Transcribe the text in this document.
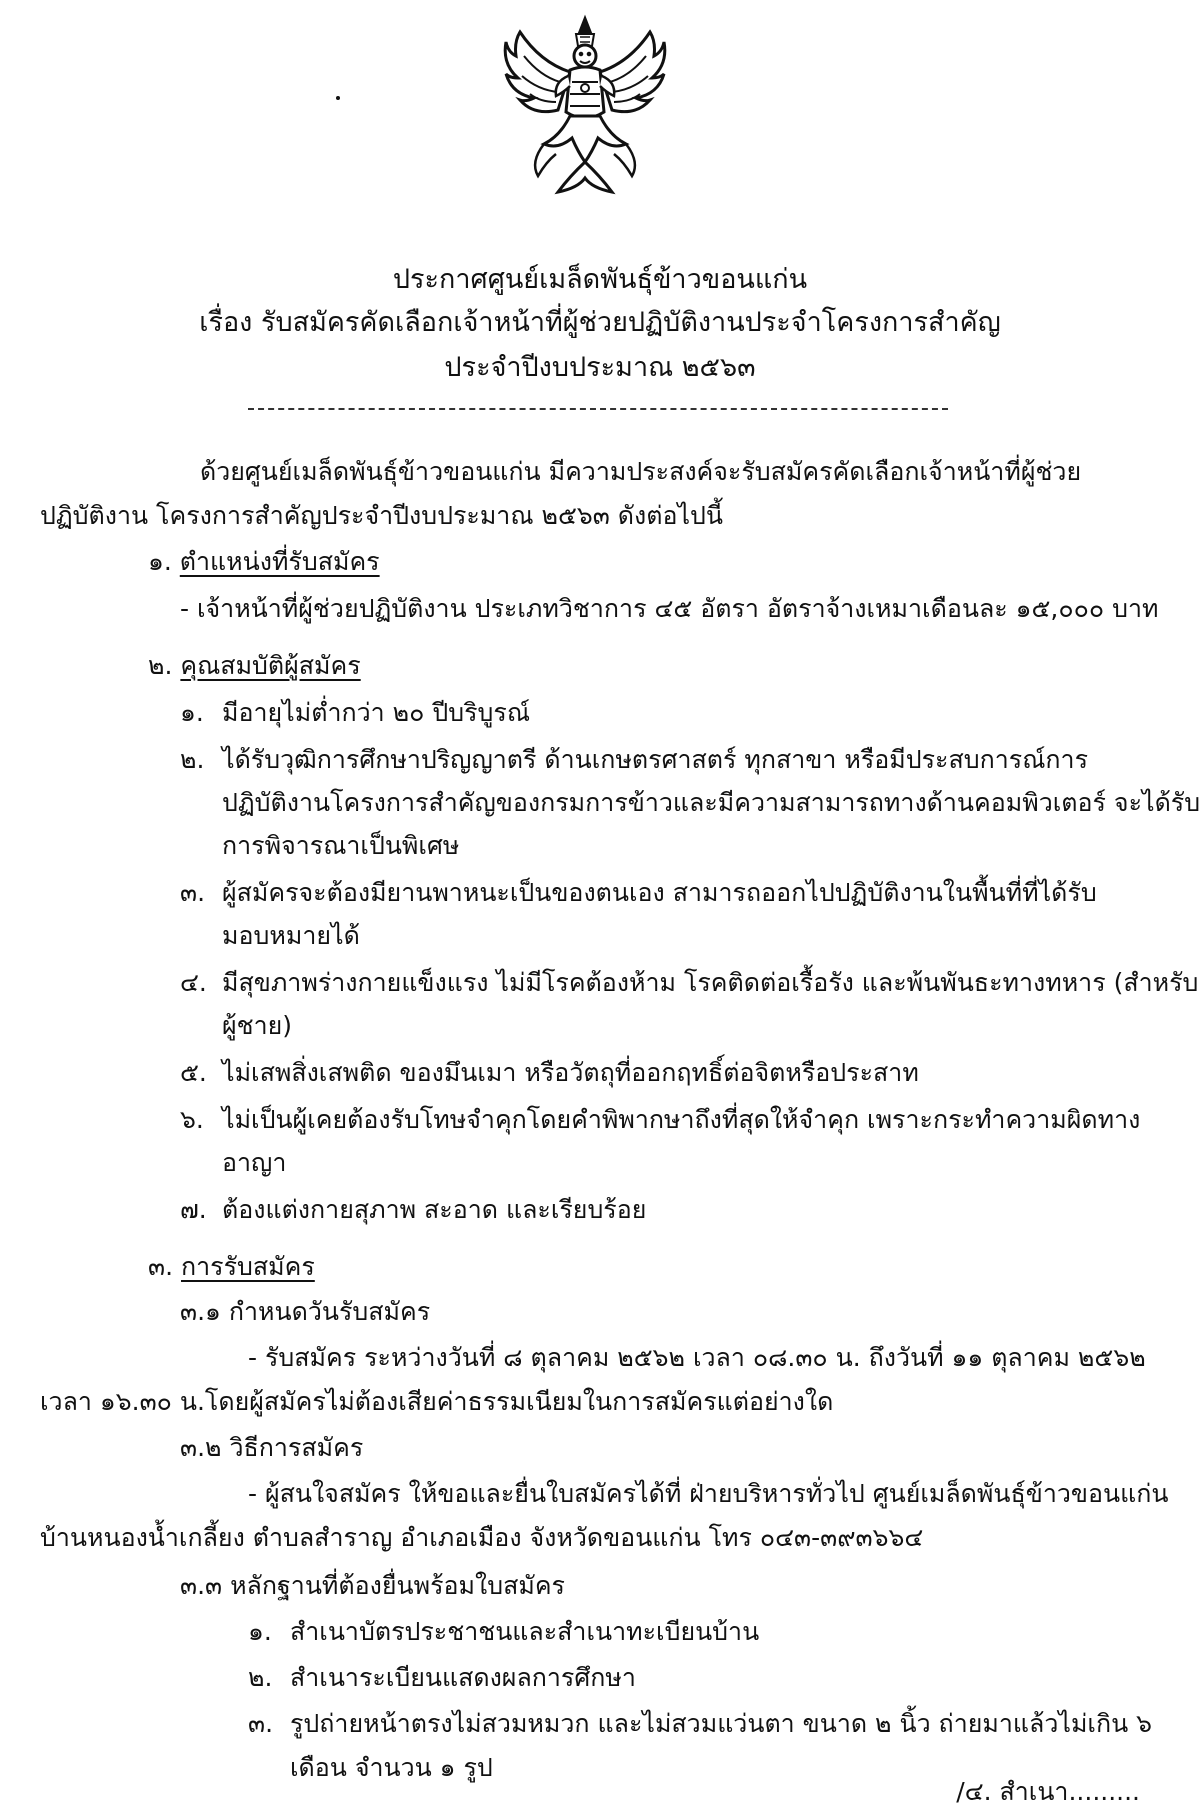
ประกาศศูนย์เมล็ดพันธุ์ข้าวขอนแก่น
เรื่อง รับสมัครคัดเลือกเจ้าหน้าที่ผู้ช่วยปฏิบัติงานประจำโครงการสำคัญ
ประจำปีงบประมาณ ๒๕๖๓
ด้วยศูนย์เมล็ดพันธุ์ข้าวขอนแก่น มีความประสงค์จะรับสมัครคัดเลือกเจ้าหน้าที่ผู้ช่วย
ปฏิบัติงาน โครงการสำคัญประจำปีงบประมาณ ๒๕๖๓ ดังต่อไปนี้
๑. ตำแหน่งที่รับสมัคร
- เจ้าหน้าที่ผู้ช่วยปฏิบัติงาน ประเภทวิชาการ ๔๕ อัตรา อัตราจ้างเหมาเดือนละ ๑๕,๐๐๐ บาท
๒. คุณสมบัติผู้สมัคร
๑. มีอายุไม่ต่ำกว่า ๒๐ ปีบริบูรณ์
๒. ได้รับวุฒิการศึกษาปริญญาตรี ด้านเกษตรศาสตร์ ทุกสาขา หรือมีประสบการณ์การ
ปฏิบัติงานโครงการสำคัญของกรมการข้าวและมีความสามารถทางด้านคอมพิวเตอร์ จะได้รับ
การพิจารณาเป็นพิเศษ
๓. ผู้สมัครจะต้องมียานพาหนะเป็นของตนเอง สามารถออกไปปฏิบัติงานในพื้นที่ที่ได้รับ
มอบหมายได้
๔. มีสุขภาพร่างกายแข็งแรง ไม่มีโรคต้องห้าม โรคติดต่อเรื้อรัง และพ้นพันธะทางทหาร (สำหรับ
ผู้ชาย)
๕. ไม่เสพสิ่งเสพติด ของมึนเมา หรือวัตถุที่ออกฤทธิ์ต่อจิตหรือประสาท
๖. ไม่เป็นผู้เคยต้องรับโทษจำคุกโดยคำพิพากษาถึงที่สุดให้จำคุก เพราะกระทำความผิดทาง
อาญา
๗. ต้องแต่งกายสุภาพ สะอาด และเรียบร้อย
๓. การรับสมัคร
๓.๑ กำหนดวันรับสมัคร
- รับสมัคร ระหว่างวันที่ ๘ ตุลาคม ๒๕๖๒ เวลา ๐๘.๓๐ น. ถึงวันที่ ๑๑ ตุลาคม ๒๕๖๒
เวลา ๑๖.๓๐ น.โดยผู้สมัครไม่ต้องเสียค่าธรรมเนียมในการสมัครแต่อย่างใด
๓.๒ วิธีการสมัคร
- ผู้สนใจสมัคร ให้ขอและยื่นใบสมัครได้ที่ ฝ่ายบริหารทั่วไป ศูนย์เมล็ดพันธุ์ข้าวขอนแก่น
บ้านหนองน้ำเกลี้ยง ตำบลสำราญ อำเภอเมือง จังหวัดขอนแก่น โทร ๐๔๓-๓๙๓๖๖๔
๓.๓ หลักฐานที่ต้องยื่นพร้อมใบสมัคร
๑. สำเนาบัตรประชาชนและสำเนาทะเบียนบ้าน
๒. สำเนาระเบียนแสดงผลการศึกษา
๓. รูปถ่ายหน้าตรงไม่สวมหมวก และไม่สวมแว่นตา ขนาด ๒ นิ้ว ถ่ายมาแล้วไม่เกิน ๖
เดือน จำนวน ๑ รูป
/๔. สำเนา.........
